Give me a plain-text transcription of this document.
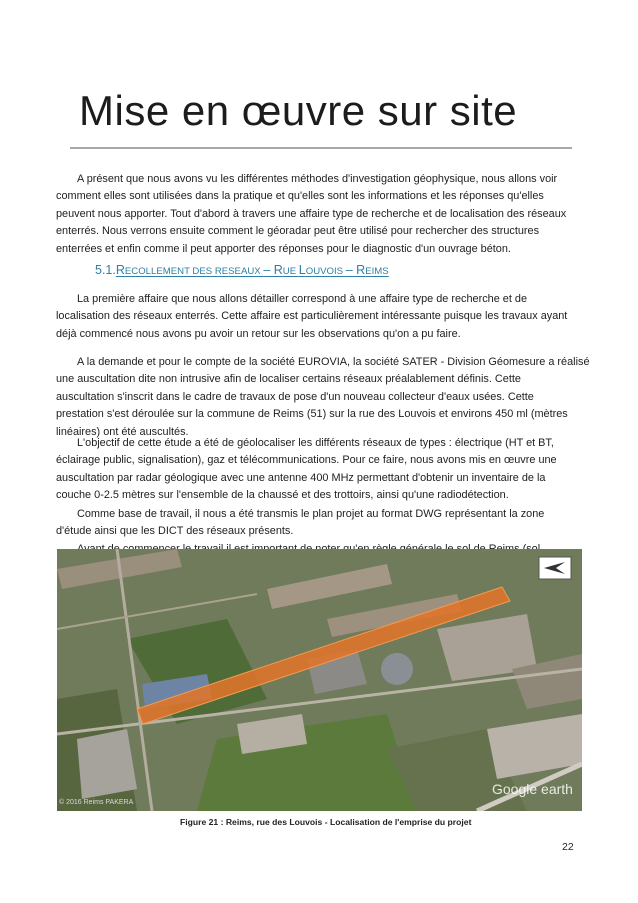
Mise en œuvre sur site
A présent que nous avons vu les différentes méthodes d'investigation géophysique, nous allons voir
comment elles sont utilisées dans la pratique et qu'elles sont les informations et les réponses qu'elles
peuvent nous apporter. Tout d'abord à travers une affaire type de recherche et de localisation des réseaux
enterrés. Nous verrons ensuite comment le géoradar peut être utilisé pour rechercher des structures
enterrées et enfin comme il peut apporter des réponses pour le diagnostic d'un ouvrage béton.
5.1.RECOLLEMENT DES RESEAUX – RUE LOUVOIS – REIMS
La première affaire que nous allons détailler correspond à une affaire type de recherche et de
localisation des réseaux enterrés. Cette affaire est particulièrement intéressante puisque les travaux ayant
déjà commencé nous avons pu avoir un retour sur les observations qu'on a pu faire.
A la demande et pour le compte de la société EUROVIA, la société SATER - Division Géomesure a réalisé
une auscultation dite non intrusive afin de localiser certains réseaux préalablement définis. Cette
auscultation s'inscrit dans le cadre de travaux de pose d'un nouveau collecteur d'eaux usées. Cette
prestation s'est déroulée sur la commune de Reims (51) sur la rue des Louvois et environs 450 ml (mètres
linéaires) ont été auscultés.
L'objectif de cette étude a été de géolocaliser les différents réseaux de types : électrique (HT et BT,
éclairage public, signalisation), gaz et télécommunications. Pour ce faire, nous avons mis en œuvre une
auscultation par radar géologique avec une antenne 400 MHz permettant d'obtenir un inventaire de la
couche 0-2.5 mètres sur l'ensemble de la chaussé et des trottoirs, ainsi qu'une radiodétection.
Comme base de travail, il nous a été transmis le plan projet au format DWG représentant la zone
d'étude ainsi que les DICT des réseaux présents.
© 2016 Reims PAKERA
Google earth
Figure 21 : Reims, rue des Louvois - Localisation de l'emprise du projet
22
